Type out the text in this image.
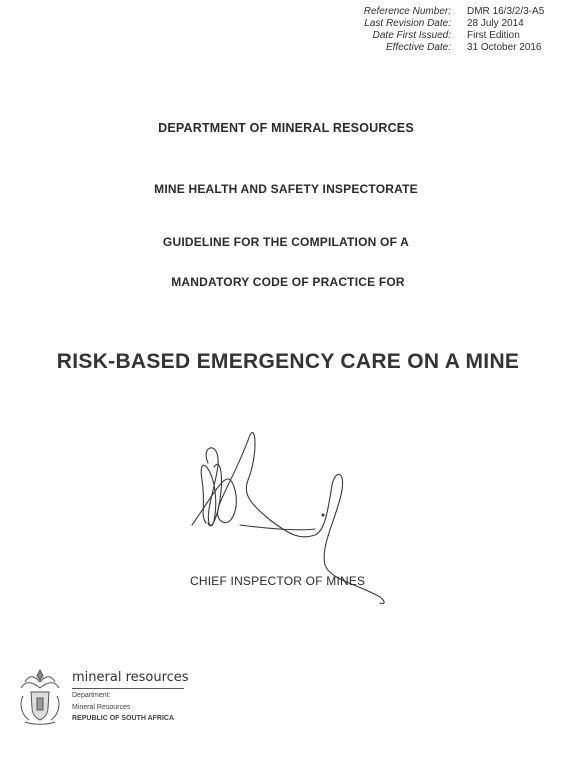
Reference Number:	DMR 16/3/2/3-A5
Last Revision Date:	28 July 2014
Date First Issued:	First Edition
Effective Date:	31 October 2016
DEPARTMENT OF MINERAL RESOURCES
MINE HEALTH AND SAFETY INSPECTORATE
GUIDELINE FOR THE COMPILATION OF A
MANDATORY CODE OF PRACTICE FOR
RISK-BASED EMERGENCY CARE ON A MINE
CHIEF INSPECTOR OF MINES
mineral resources
Department:
Mineral Resources
REPUBLIC OF SOUTH AFRICA
